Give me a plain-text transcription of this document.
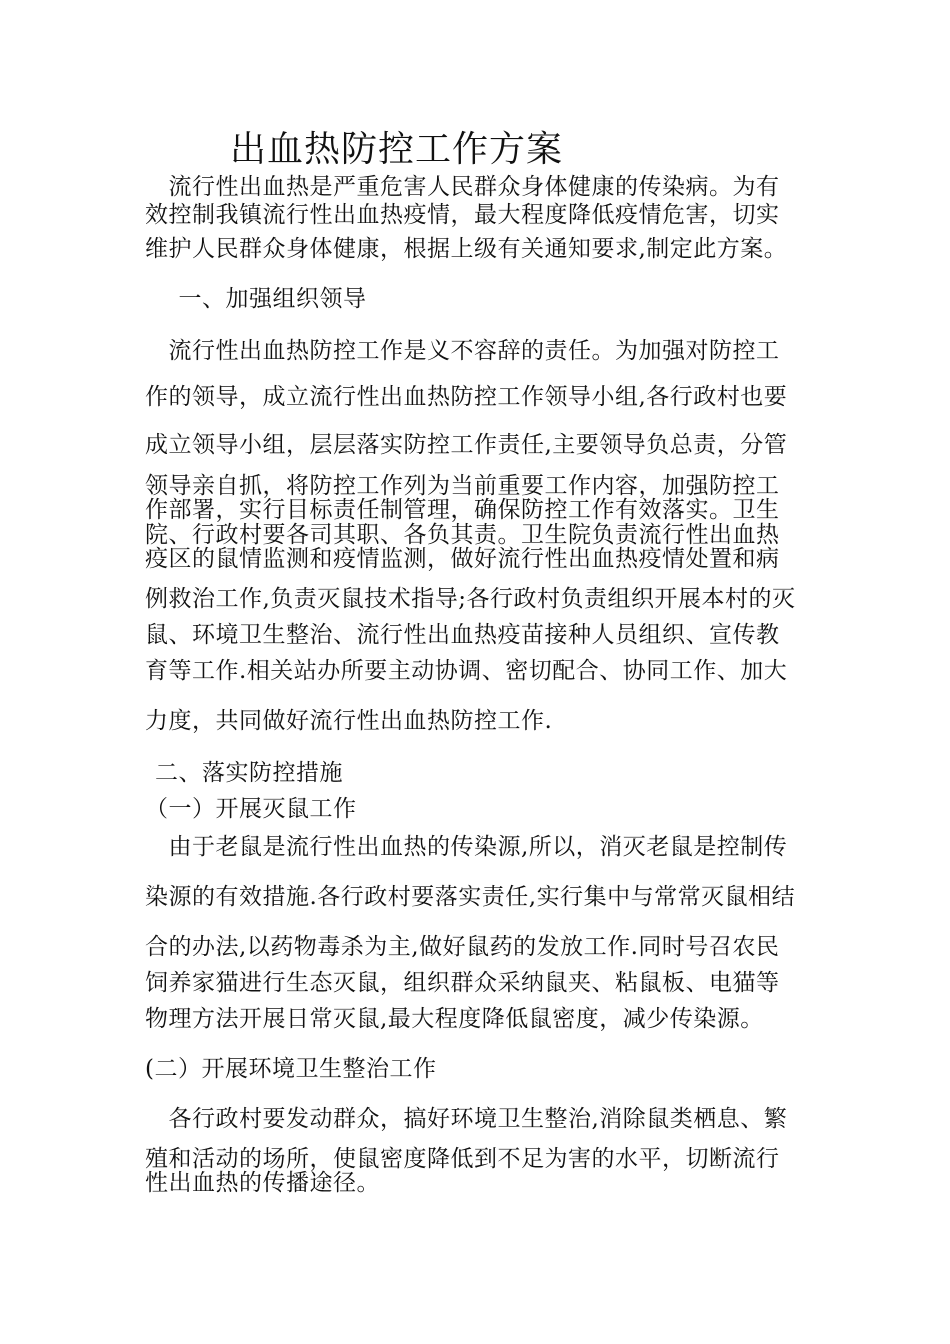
出血热防控工作方案
　流行性出血热是严重危害人民群众身体健康的传染病。为有
效控制我镇流行性出血热疫情，最大程度降低疫情危害，切实
维护人民群众身体健康，根据上级有关通知要求,制定此方案。
　一、加强组织领导
　流行性出血热防控工作是义不容辞的责任。为加强对防控工
作的领导，成立流行性出血热防控工作领导小组,各行政村也要
成立领导小组，层层落实防控工作责任,主要领导负总责，分管
领导亲自抓，将防控工作列为当前重要工作内容，加强防控工
作部署，实行目标责任制管理，确保防控工作有效落实。卫生
院、行政村要各司其职、各负其责。卫生院负责流行性出血热
疫区的鼠情监测和疫情监测，做好流行性出血热疫情处置和病
例救治工作,负责灭鼠技术指导;各行政村负责组织开展本村的灭
鼠、环境卫生整治、流行性出血热疫苗接种人员组织、宣传教
育等工作.相关站办所要主动协调、密切配合、协同工作、加大
力度，共同做好流行性出血热防控工作.
二、落实防控措施
（一）开展灭鼠工作
　由于老鼠是流行性出血热的传染源,所以，消灭老鼠是控制传
染源的有效措施.各行政村要落实责任,实行集中与常常灭鼠相结
合的办法,以药物毒杀为主,做好鼠药的发放工作.同时号召农民
饲养家猫进行生态灭鼠，组织群众采纳鼠夹、粘鼠板、电猫等
物理方法开展日常灭鼠,最大程度降低鼠密度，减少传染源。
(二）开展环境卫生整治工作
　各行政村要发动群众，搞好环境卫生整治,消除鼠类栖息、繁
殖和活动的场所，使鼠密度降低到不足为害的水平，切断流行
性出血热的传播途径。
